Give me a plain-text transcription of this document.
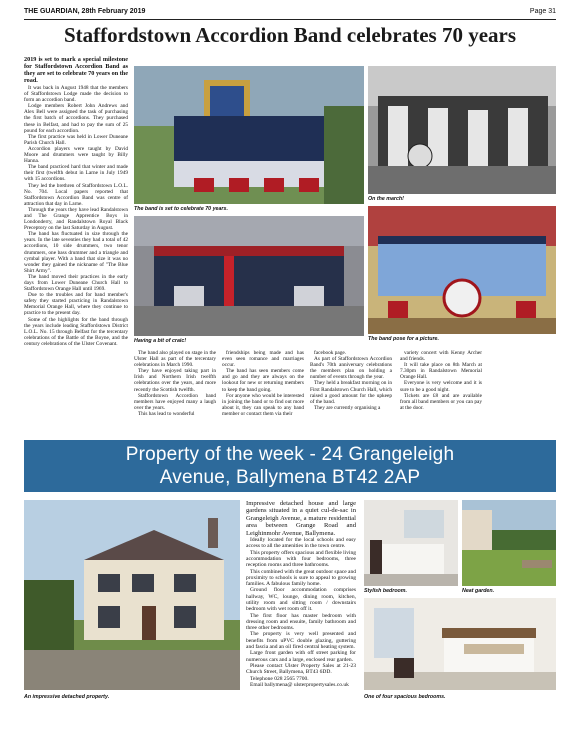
THE GUARDIAN, 28th February 2019	Page 31
Staffordstown Accordion Band celebrates 70 years

2019 is set to mark a special milestone for Staffordstown Accordion Band as they are set to celebrate 70 years on the road.

It was back in August 1948 that the members of Staffordstown Lodge made the decision to form an accordion band.

Lodge members Robert John Andrews and Alex Bell were assigned the task of purchasing the first batch of accordions. They purchased these in Belfast, and had to pay the sum of 25 pound for each accordion.

The first practice was held in Lower Duneane Parish Church Hall.

Accordion players were taught by David Moore and drummers were taught by Billy Hanna.

The band practiced hard that winter and made their first (twelfth debut in Larne in July 1949 with 15 accordions.

They led the brethren of Staffordstown L.O.L. No. 704. Local papers reported that Staffordstown Accordion Band was centre of attraction that day in Larne.

Through the years they have lead Randalstown and The Grange Apprentice Boys in Londonderry, and Randalstown Royal Black Preceptory on the last Saturday in August.

The band has fluctuated in size through the years. In the late seventies they had a total of 42 accordions, 10 side drummers, two tenor drummers, one bass drummer and a triangle and cymbal player. With a band that size it was no wonder they gained the nickname of "The Blue Shirt Army".

The band moved their practices in the early days from Lower Duneane Church Hall to Staffordstown Orange Hall until 1969.

Due to the troubles and for band member's safety they started practicing in Randalstown Memorial Orange Hall, where they continue to practice to the present day.

Some of the highlights for the band through the years include leading Staffordstown District L.O.L. No. 15 through Belfast for the tercentary celebrations of the Battle of the Boyne, and the century celebrations of the Ulster Covenant.

The band is set to celebrate 70 years.
On the march!
Having a bit of craic!	The band pose for a picture.

The band also played on stage in the Ulster Hall as part of the tercentary celebrations in March 1990.

They have enjoyed taking part in Irish and Northern Irish twelfth celebrations over the years, and more recently the Scottish twelfth.

Staffordstown Accordion band members have enjoyed many a laugh over the years.

This has lead to wonderful

friendships being made and has even seen romance and marriages occur.

The band has seen members come and go and they are always on the lookout for new or returning members to keep the band going.

For anyone who would be interested in joining the band or to find out more about it, they can speak to any band member or contact them via their

facebook page.

As part of Staffordstown Accordion Band's 70th anniversary celebrations the members plan on holding a number of events through the year.

They held a breakfast morning on in First Randalstown Church Hall, which raised a good amount for the upkeep of the band.

They are currently organising a

variety concert with Kenny Archer and friends.

It will take place on 8th March at 7.30pm in Randalstown Memorial Orange Hall.

Everyone is very welcome and it is sure to be a good night.

Tickets are £8 and are available from all band members or you can pay at the door.

Property of the week - 24 Grangeleigh
Avenue, Ballymena BT42 2AP
An impressive detached property.

Impressive detached house and large gardens situated in a quiet cul-de-sac in Grangeleigh Avenue, a mature residential area between Grange Road and Leighinmohr Avenue, Ballymena.

Ideally located for the local schools and easy access to all the amenities in the town centre.

This property offers spacious and flexible living accommodation with four bedrooms, three reception rooms and three bathrooms.

This combined with the great outdoor space and proximity to schools is sure to appeal to growing families. A fabulous family home.

Ground floor accommodation comprises hallway, WC, lounge, dining room, kitchen, utility room and sitting room / downstairs bedroom with wet room off it.

The first floor has master bedroom with dressing room and ensuite, family bathroom and three other bedrooms.

The property is very well presented and benefits from uPVC double glazing, guttering and fascia and an oil fired central heating system.

Large front garden with off street parking for numerous cars and a large, enclosed rear garden.

Please contact Ulster Property Sales at 21-23 Church Street, Ballymena, BT43 6DD.

Telephone 028 2565 7700.

Email ballymena@ ulsterpropertysales.co.uk

Stylish bedroom.	Neat garden.
One of four spacious bedrooms.
